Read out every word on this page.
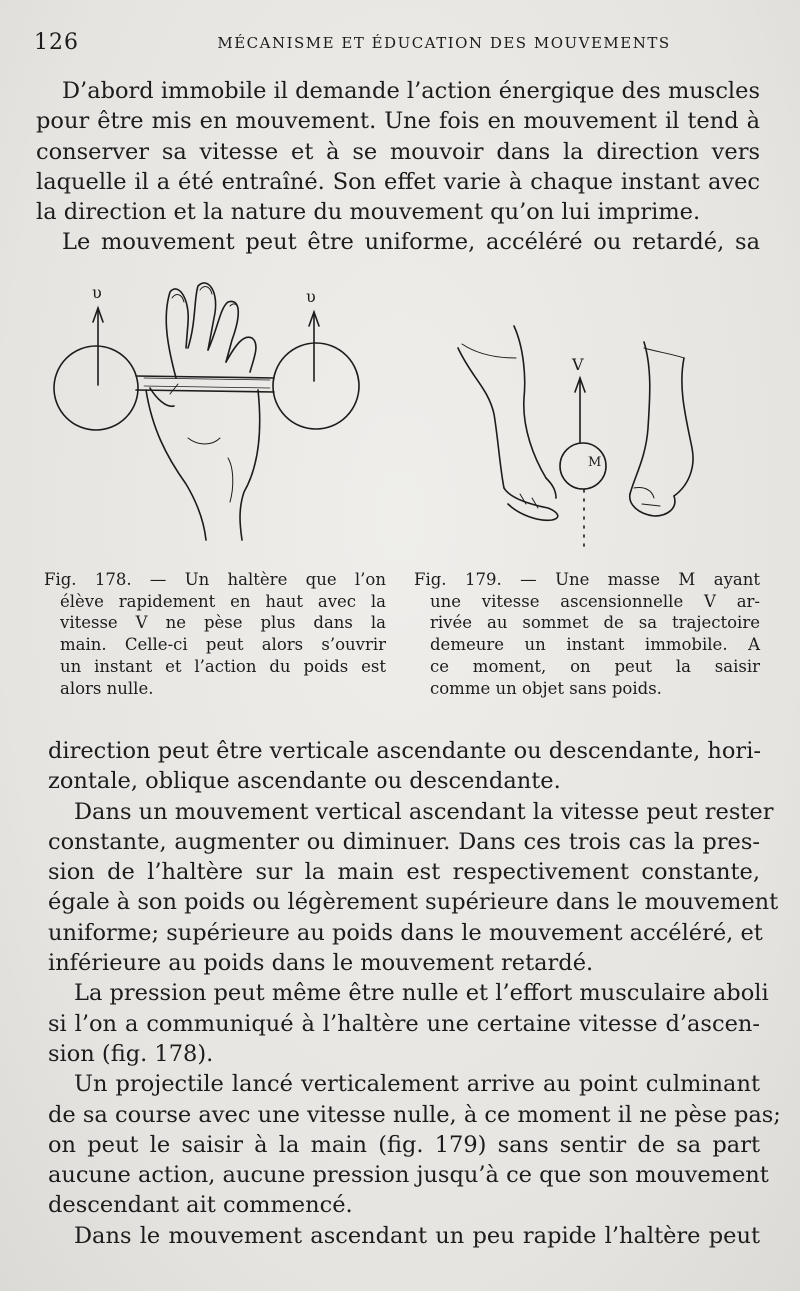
126	MÉCANISME ET ÉDUCATION DES MOUVEMENTS
D’abord immobile il demande l’action énergique des muscles
pour être mis en mouvement. Une fois en mouvement il tend à
conserver sa vitesse et à se mouvoir dans la direction vers
laquelle il a été entraîné. Son effet varie à chaque instant avec
la direction et la nature du mouvement qu’on lui imprime.
Le mouvement peut être uniforme, accéléré ou retardé, sa
υ	υ
V
M
Fig. 178. — Un haltère que l’on
élève rapidement en haut avec la
vitesse V ne pèse plus dans la
main. Celle-ci peut alors s’ouvrir
un instant et l’action du poids est
alors nulle.
Fig. 179. — Une masse M ayant
une vitesse ascensionnelle V ar-
rivée au sommet de sa trajectoire
demeure un instant immobile. A
ce moment, on peut la saisir
comme un objet sans poids.
direction peut être verticale ascendante ou descendante, hori-
zontale, oblique ascendante ou descendante.
Dans un mouvement vertical ascendant la vitesse peut rester
constante, augmenter ou diminuer. Dans ces trois cas la pres-
sion de l’haltère sur la main est respectivement constante,
égale à son poids ou légèrement supérieure dans le mouvement
uniforme; supérieure au poids dans le mouvement accéléré, et
inférieure au poids dans le mouvement retardé.
La pression peut même être nulle et l’effort musculaire aboli
si l’on a communiqué à l’haltère une certaine vitesse d’ascen-
sion (fig. 178).
Un projectile lancé verticalement arrive au point culminant
de sa course avec une vitesse nulle, à ce moment il ne pèse pas;
on peut le saisir à la main (fig. 179) sans sentir de sa part
aucune action, aucune pression jusqu’à ce que son mouvement
descendant ait commencé.
Dans le mouvement ascendant un peu rapide l’haltère peut
